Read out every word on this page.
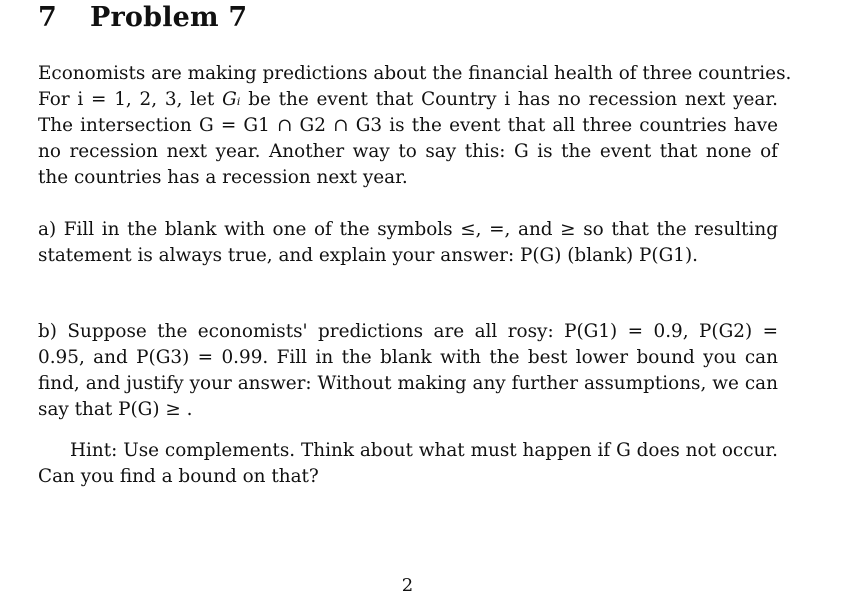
7 Problem 7
Economists are making predictions about the financial health of three countries.
For i = 1, 2, 3, let Gᵢ be the event that Country i has no recession next year.
The intersection G = G1 ∩ G2 ∩ G3 is the event that all three countries have
no recession next year. Another way to say this: G is the event that none of
the countries has a recession next year.
a) Fill in the blank with one of the symbols ≤, =, and ≥ so that the resulting
statement is always true, and explain your answer: P(G) (blank) P(G1).
b) Suppose the economists' predictions are all rosy: P(G1) = 0.9, P(G2) =
0.95, and P(G3) = 0.99. Fill in the blank with the best lower bound you can
find, and justify your answer: Without making any further assumptions, we can
say that P(G) ≥ .
Hint: Use complements. Think about what must happen if G does not occur.
Can you find a bound on that?
2
